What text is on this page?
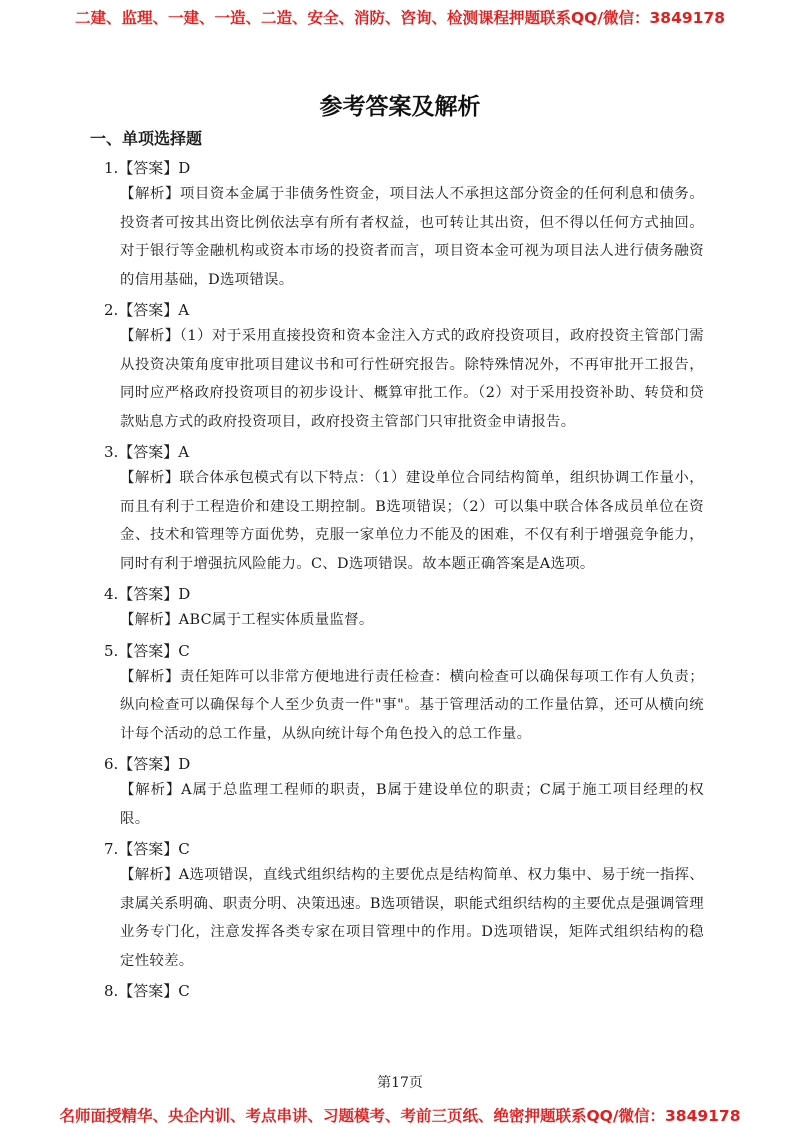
二建、监理、一建、一造、二造、安全、消防、咨询、检测课程押题联系QQ/微信：3849178
参考答案及解析
一、单项选择题
1.【答案】D
【解析】项目资本金属于非债务性资金，项目法人不承担这部分资金的任何利息和债务。投资者可按其出资比例依法享有所有者权益，也可转让其出资，但不得以任何方式抽回。对于银行等金融机构或资本市场的投资者而言，项目资本金可视为项目法人进行债务融资的信用基础，D选项错误。
2.【答案】A
【解析】（1）对于采用直接投资和资本金注入方式的政府投资项目，政府投资主管部门需从投资决策角度审批项目建议书和可行性研究报告。除特殊情况外，不再审批开工报告，同时应严格政府投资项目的初步设计、概算审批工作。（2）对于采用投资补助、转贷和贷款贴息方式的政府投资项目，政府投资主管部门只审批资金申请报告。
3.【答案】A
【解析】联合体承包模式有以下特点：（1）建设单位合同结构简单，组织协调工作量小，而且有利于工程造价和建设工期控制。B选项错误；（2）可以集中联合体各成员单位在资金、技术和管理等方面优势，克服一家单位力不能及的困难，不仅有利于增强竞争能力，同时有利于增强抗风险能力。C、D选项错误。故本题正确答案是A选项。
4.【答案】D
【解析】ABC属于工程实体质量监督。
5.【答案】C
【解析】责任矩阵可以非常方便地进行责任检查：横向检查可以确保每项工作有人负责；纵向检查可以确保每个人至少负责一件"事"。基于管理活动的工作量估算，还可从横向统计每个活动的总工作量，从纵向统计每个角色投入的总工作量。
6.【答案】D
【解析】A属于总监理工程师的职责，B属于建设单位的职责；C属于施工项目经理的权限。
7.【答案】C
【解析】A选项错误，直线式组织结构的主要优点是结构简单、权力集中、易于统一指挥、隶属关系明确、职责分明、决策迅速。B选项错误，职能式组织结构的主要优点是强调管理业务专门化，注意发挥各类专家在项目管理中的作用。D选项错误，矩阵式组织结构的稳定性较差。
8.【答案】C
第17页
名师面授精华、央企内训、考点串讲、习题模考、考前三页纸、绝密押题联系QQ/微信：3849178
